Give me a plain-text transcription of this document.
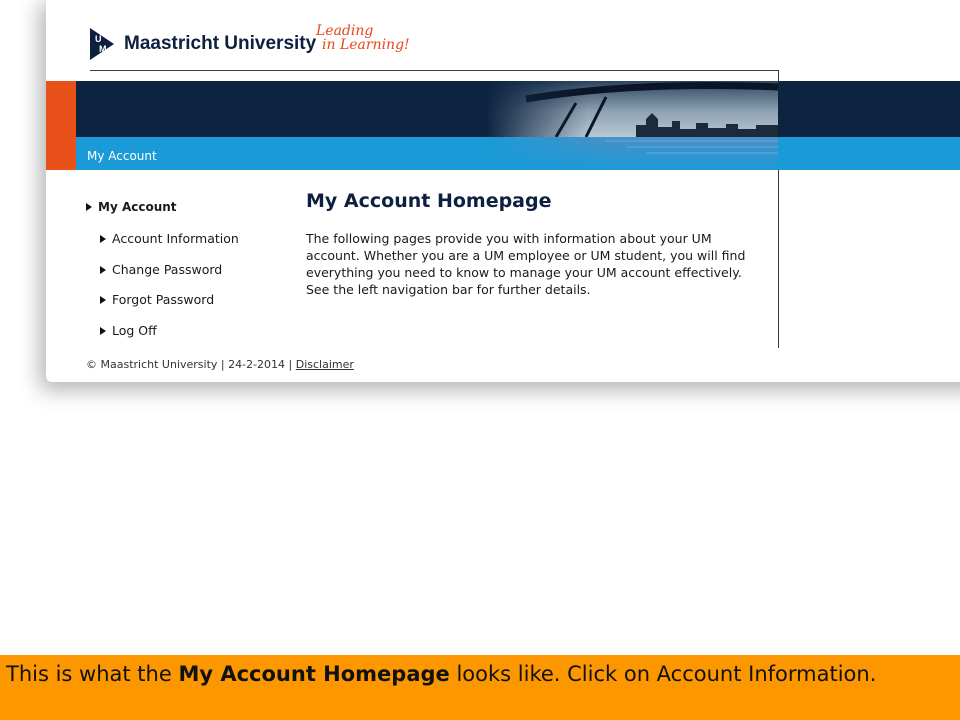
U
M Maastricht University
Leading
in Learning!
My Account
My Account
Account Information
Change Password
Forgot Password
Log Off
My Account Homepage

The following pages provide you with information about your UM account. Whether you are a UM employee or UM student, you will find everything you need to know to manage your UM account effectively. See the left navigation bar for further details.

© Maastricht University | 24-2-2014 | Disclaimer
This is what the My Account Homepage looks like. Click on Account Information.
